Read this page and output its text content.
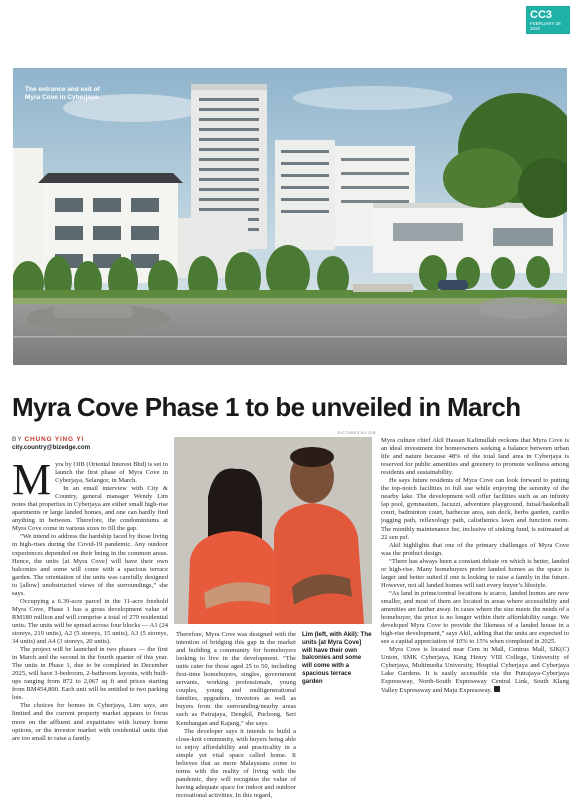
CC3
FEBRUARY 28
2022
The entrance and exit of Myra Cove in Cyberjaya
Myra Cove Phase 1 to be unveiled in March
BY CHUNG YING YI
city.country@bizedge.com

Myra by OIB (Oriental Interest Bhd) is set to launch the first phase of Myra Cove in Cyberjaya, Selangor, in March.

In an email interview with City & Country, general manager Wendy Lim notes that properties in Cyberjaya are either small high-rise apartments or large landed homes, and one can hardly find anything in between. Therefore, the condominiums at Myra Cove come in various sizes to fill the gap.

“We intend to address the hardship faced by those living in high-rises during the Covid-19 pandemic. Any outdoor experiences depended on their being in the common areas. Hence, the units [at Myra Cove] will have their own balconies and some will come with a spacious terrace garden. The orientation of the units was carefully designed to [allow] unobstructed views of the surroundings,” she says.

Occupying a 6.39-acre parcel in the 11-acre freehold Myra Cove, Phase 1 has a gross development value of RM180 million and will comprise a total of 279 residential units. The units will be spread across four blocks — A1 (24 storeys, 210 units), A2 (5 storeys, 15 units), A3 (5 storeys, 34 units) and A4 (3 storeys, 20 units).

The project will be launched in two phases — the first in March and the second in the fourth quarter of this year. The units in Phase 1, due to be completed in December 2025, will have 3-bedroom, 2-bathroom layouts, with built-ups ranging from 872 to 2,067 sq ft and prices starting from RM454,800. Each unit will be entitled to two parking lots.

The choices for homes in Cyberjaya, Lim says, are limited and the current property market appears to focus more on the affluent and expatriates with luxury home options, or the investor market with residential units that are too small to raise a family.

PICTURES BY OIB
Lim (left, with Akil): The units [at Myra Cove] will have their own balconies and some will come with a spacious terrace garden

Therefore, Myra Cove was designed with the intention of bridging this gap in the market and building a community for homebuyers looking to live in the development. “The units cater for those aged 25 to 50, including first-time homebuyers, singles, government servants, working professionals, young couples, young and multigenerational families, upgraders, investors as well as buyers from the surrounding/nearby areas such as Putrajaya, Dengkil, Puchong, Seri Kembangan and Kajang,” she says.

The developer says it intends to build a close-knit community, with buyers being able to enjoy affordability and practicality in a simple yet vital space called home. It believes that as more Malaysians come to terms with the reality of living with the pandemic, they will recognise the value of having adequate space for indoor and outdoor recreational activities. In this regard,

Myra culture chief Akil Hassan Kalimullah reckons that Myra Cove is an ideal investment for homeowners seeking a balance between urban life and nature because 48% of the total land area in Cyberjaya is reserved for public amenities and greenery to promote wellness among residents and sustainability.

He says future residents of Myra Cove can look forward to putting the top-notch facilities to full use while enjoying the serenity of the nearby lake. The development will offer facilities such as an infinity lap pool, gymnasium, Jacuzzi, adventure playground, futsal/basketball court, badminton court, barbecue area, sun deck, herbs garden, cardio jogging path, reflexology path, calisthenics lawn and function room. The monthly maintenance fee, inclusive of sinking fund, is estimated at 22 sen psf.

Akil highlights that one of the primary challenges of Myra Cove was the product design.

“There has always been a constant debate on which is better, landed or high-rise. Many homebuyers prefer landed homes as the space is larger and better suited if one is looking to raise a family in the future. However, not all landed homes will suit every buyer’s lifestyle.

“As land in prime/central locations is scarce, landed homes are now smaller, and most of them are located in areas where accessibility and amenities are farther away. In cases where the size meets the needs of a homebuyer, the price is no longer within their affordability range. We developed Myra Cove to provide the likeness of a landed house in a high-rise development,” says Akil, adding that the units are expected to see a capital appreciation of 10% to 15% when completed in 2025.

Myra Cove is located near Cem in Mall, Centrus Mall, SJK(C) Union, SMK Cyberjaya, King Henry VIII College, University of Cyberjaya, Multimedia University, Hospital Cyberjaya and Cyberjaya Lake Gardens. It is easily accessible via the Putrajaya-Cyberjaya Expressway, North-South Expressway Central Link, South Klang Valley Expressway and Maju Expressway.
